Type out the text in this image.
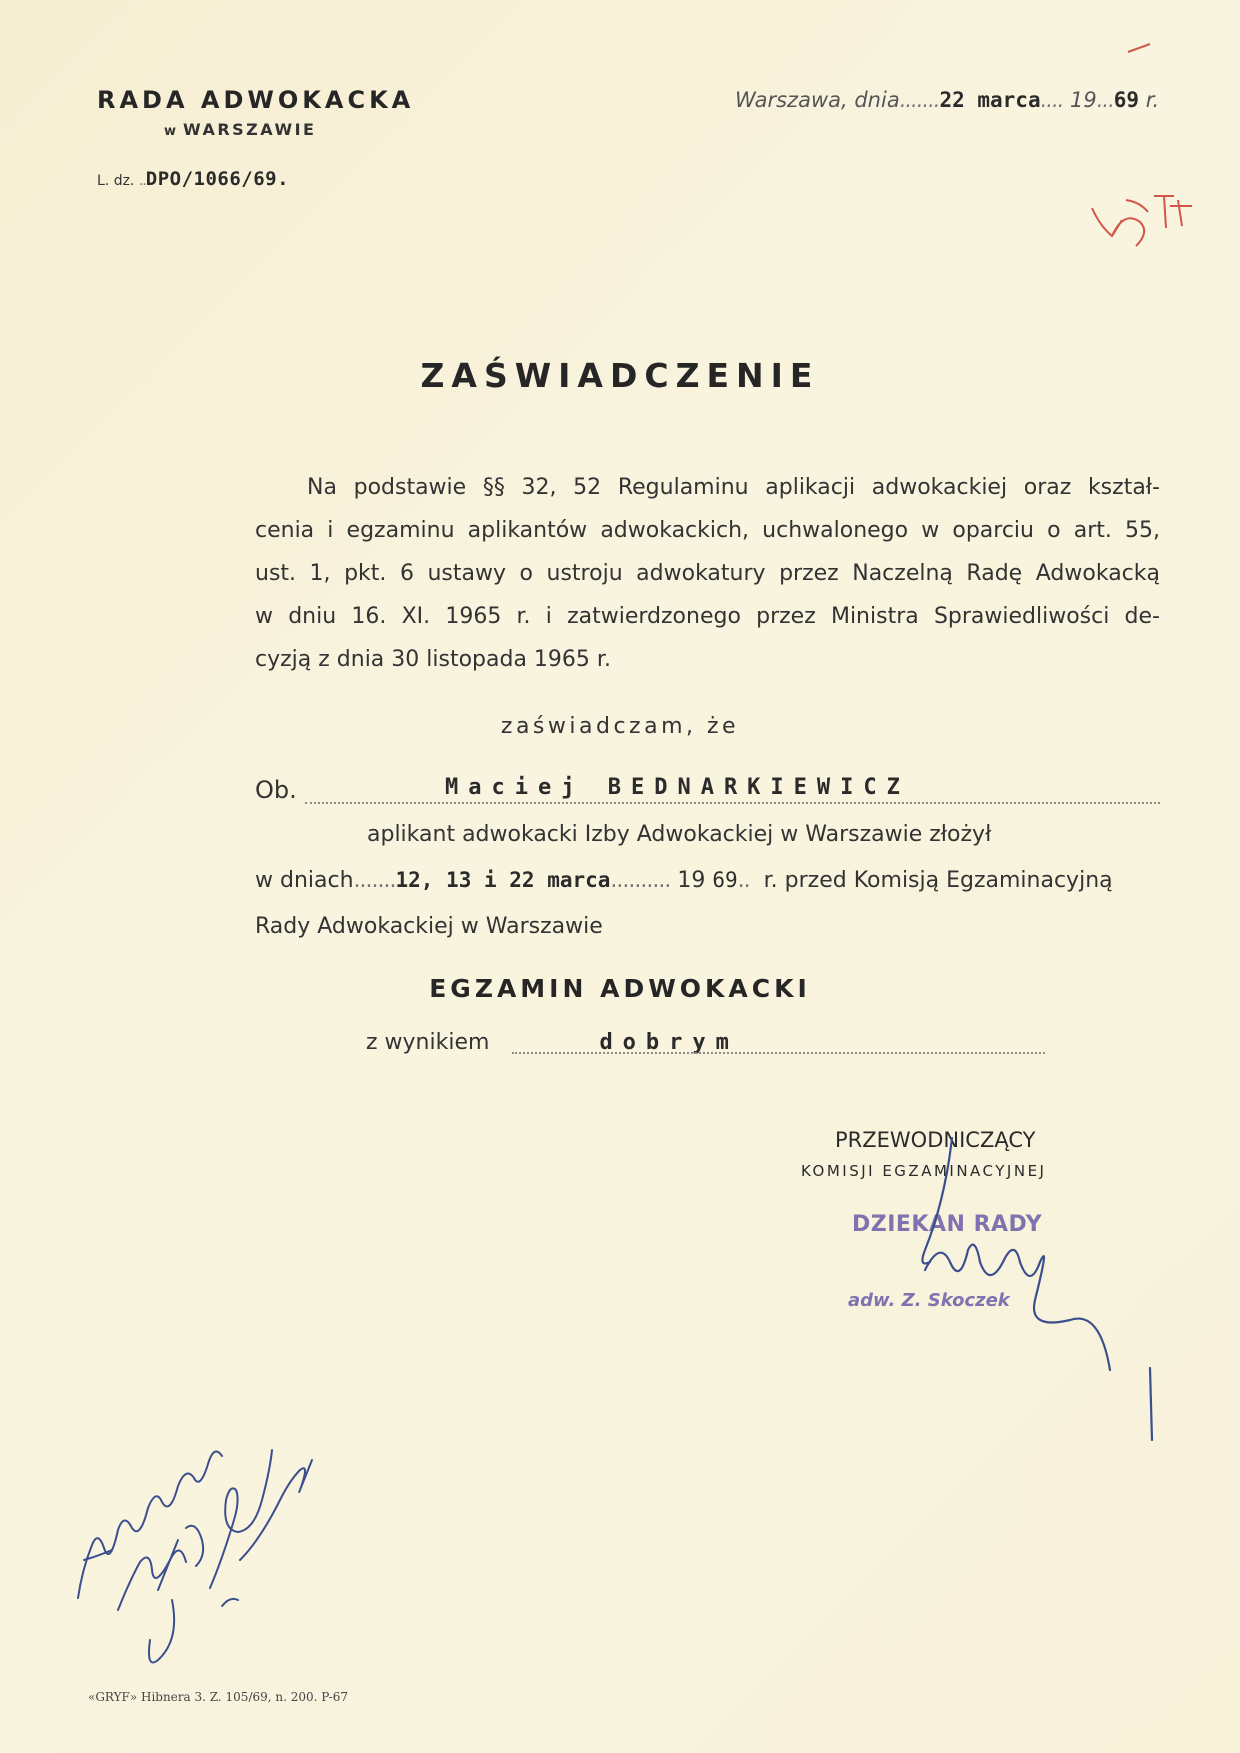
RADA ADWOKACKA
w WARSZAWIE
L. dz. ..DPO/1066/69.
Warszawa, dnia.......22 marca.... 19...69 r.
ZAŚWIADCZENIE
Na podstawie §§ 32, 52 Regulaminu aplikacji adwokackiej oraz kształ-
cenia i egzaminu aplikantów adwokackich, uchwalonego w oparciu o art. 55,
ust. 1, pkt. 6 ustawy o ustroju adwokatury przez Naczelną Radę Adwokacką
w dniu 16. XI. 1965 r. i zatwierdzonego przez Ministra Sprawiedliwości de-
cyzją z dnia 30 listopada 1965 r.
zaświadczam, że
Ob.	Maciej BEDNARKIEWICZ
aplikant adwokacki Izby Adwokackiej w Warszawie złożył
w dniach.......12, 13 i 22 marca.......... 19 69.. r. przed Komisją Egzaminacyjną
Rady Adwokackiej w Warszawie
EGZAMIN ADWOKACKI
z wynikiem	dobrym
PRZEWODNICZĄCY
KOMISJI EGZAMINACYJNEJ
DZIEKAN RADY
adw. Z. Skoczek
«GRYF» Hibnera 3. Z. 105/69, n. 200. P-67
